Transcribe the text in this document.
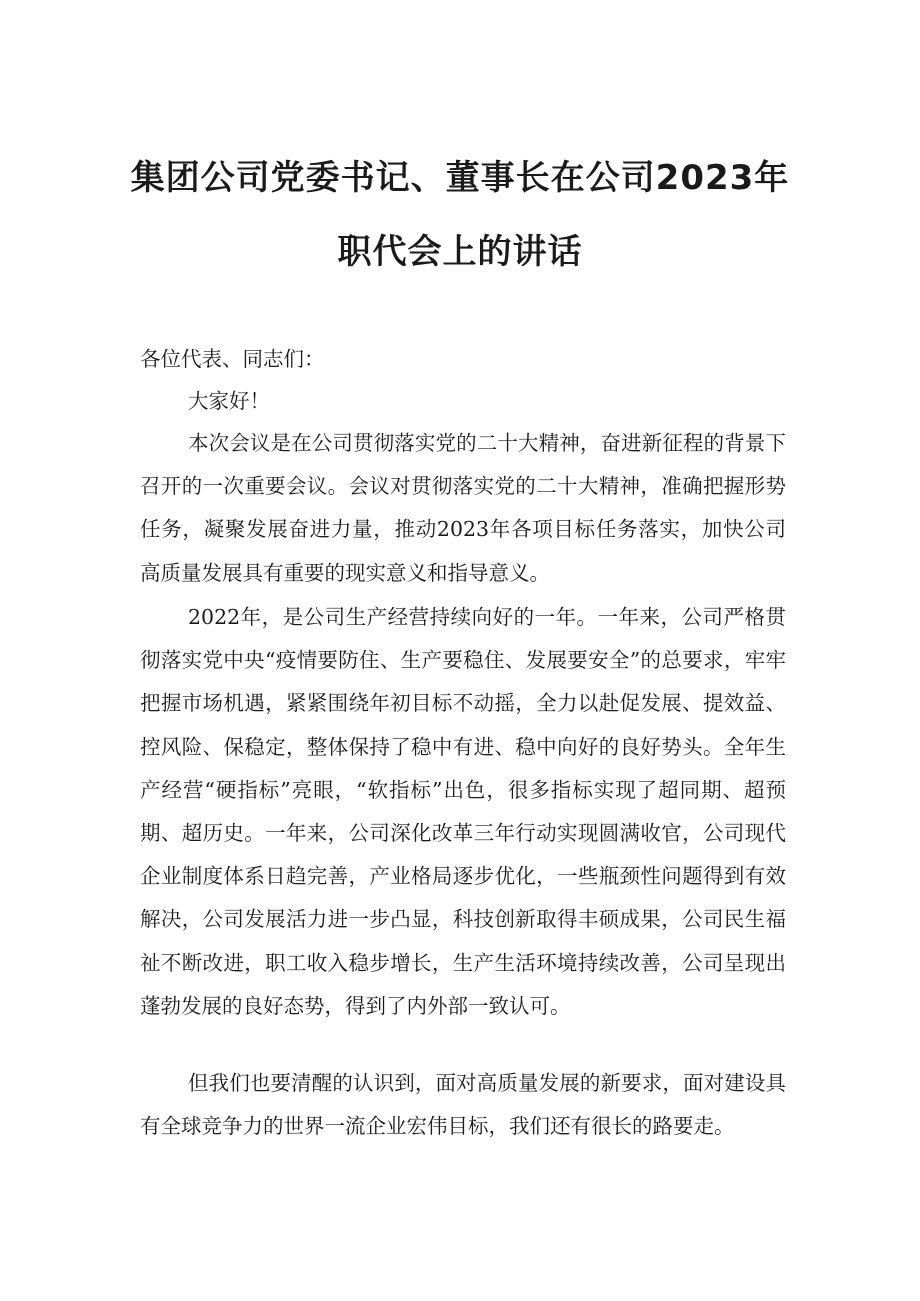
集团公司党委书记、董事长在公司2023年
职代会上的讲话

各位代表、同志们：

大家好！

本次会议是在公司贯彻落实党的二十大精神，奋进新征程的背景下召开的一次重要会议。会议对贯彻落实党的二十大精神，准确把握形势任务，凝聚发展奋进力量，推动2023年各项目标任务落实，加快公司高质量发展具有重要的现实意义和指导意义。

2022年，是公司生产经营持续向好的一年。一年来，公司严格贯彻落实党中央“疫情要防住、生产要稳住、发展要安全”的总要求，牢牢把握市场机遇，紧紧围绕年初目标不动摇，全力以赴促发展、提效益、控风险、保稳定，整体保持了稳中有进、稳中向好的良好势头。全年生产经营“硬指标”亮眼，“软指标”出色，很多指标实现了超同期、超预期、超历史。一年来，公司深化改革三年行动实现圆满收官，公司现代企业制度体系日趋完善，产业格局逐步优化，一些瓶颈性问题得到有效解决，公司发展活力进一步凸显，科技创新取得丰硕成果，公司民生福祉不断改进，职工收入稳步增长，生产生活环境持续改善，公司呈现出蓬勃发展的良好态势，得到了内外部一致认可。

但我们也要清醒的认识到，面对高质量发展的新要求，面对建设具有全球竞争力的世界一流企业宏伟目标，我们还有很长的路要走。
